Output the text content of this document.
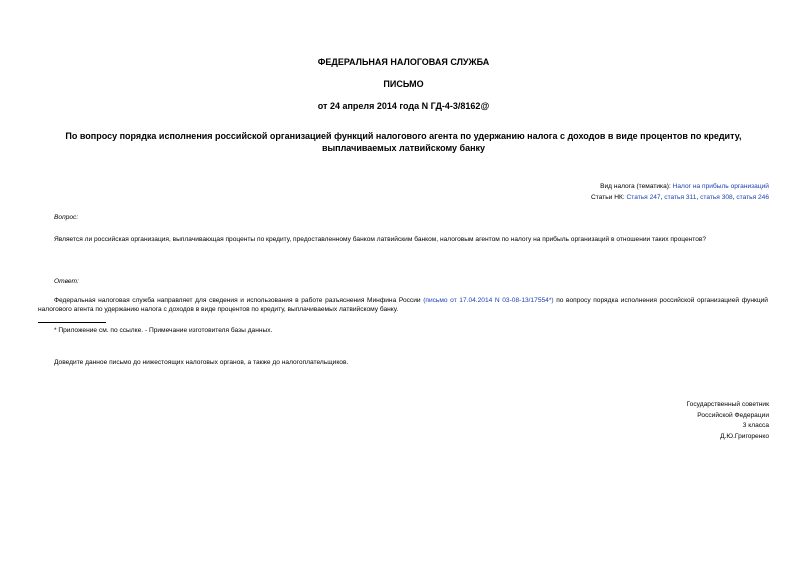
ФЕДЕРАЛЬНАЯ НАЛОГОВАЯ СЛУЖБА
ПИСЬМО
от 24 апреля 2014 года N ГД-4-3/8162@
По вопросу порядка исполнения российской организацией функций налогового агента по удержанию налога с доходов в виде процентов по кредиту,
выплачиваемых латвийскому банку
Вид налога (тематика): Налог на прибыль организаций
Статьи НК: Статья 247, статья 311, статья 308, статья 246
Вопрос:
Является ли российская организация, выплачивающая проценты по кредиту, предоставленному банком латвийским банком, налоговым агентом по налогу на прибыль организаций в отношении таких процентов?
Ответ:
Федеральная налоговая служба направляет для сведения и использования в работе разъяснения Минфина России (письмо от 17.04.2014 N 03-08-13/17554*) по вопросу порядка исполнения российской организацией функций налогового агента по удержанию налога с доходов в виде процентов по кредиту, выплачиваемых латвийскому банку.
* Приложение см. по ссылке. - Примечание изготовителя базы данных.
Доведите данное письмо до нижестоящих налоговых органов, а также до налогоплательщиков.
Государственный советник
Российской Федерации
3 класса
Д.Ю.Григоренко
